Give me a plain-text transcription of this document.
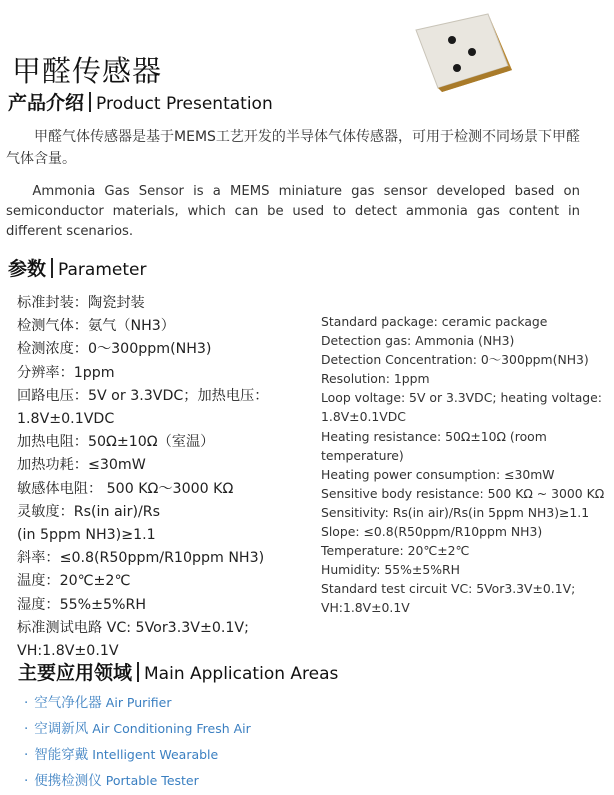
甲醛传感器
产品介绍 Product Presentation

甲醛气体传感器是基于MEMS工艺开发的半导体气体传感器，可用于检测不同场景下甲醛气体含量。

Ammonia Gas Sensor is a MEMS miniature gas sensor developed based on semiconductor materials, which can be used to detect ammonia gas content in different scenarios.

参数 Parameter
标准封装：陶瓷封装
检测气体：氨气（NH3）
检测浓度：0～300ppm(NH3)
分辨率：1ppm
回路电压：5V or 3.3VDC；加热电压：
1.8V±0.1VDC
加热电阻：50Ω±10Ω（室温）
加热功耗：≤30mW
敏感体电阻： 500 KΩ～3000 KΩ
灵敏度：Rs(in air)/Rs
(in 5ppm NH3)≥1.1
斜率：≤0.8(R50ppm/R10ppm NH3)
温度：20℃±2℃
湿度：55%±5%RH
标准测试电路 VC: 5Vor3.3V±0.1V;
VH:1.8V±0.1V
Standard package: ceramic package
Detection gas: Ammonia (NH3)
Detection Concentration: 0～300ppm(NH3)
Resolution: 1ppm
Loop voltage: 5V or 3.3VDC; heating voltage:
1.8V±0.1VDC
Heating resistance: 50Ω±10Ω (room
temperature)
Heating power consumption: ≤30mW
Sensitive body resistance: 500 KΩ ~ 3000 KΩ
Sensitivity: Rs(in air)/Rs(in 5ppm NH3)≥1.1
Slope: ≤0.8(R50ppm/R10ppm NH3)
Temperature: 20℃±2℃
Humidity: 55%±5%RH
Standard test circuit VC: 5Vor3.3V±0.1V;
VH:1.8V±0.1V
主要应用领域 Main Application Areas
· 空气净化器 Air Purifier
· 空调新风 Air Conditioning Fresh Air
· 智能穿戴 Intelligent Wearable
· 便携检测仪 Portable Tester
